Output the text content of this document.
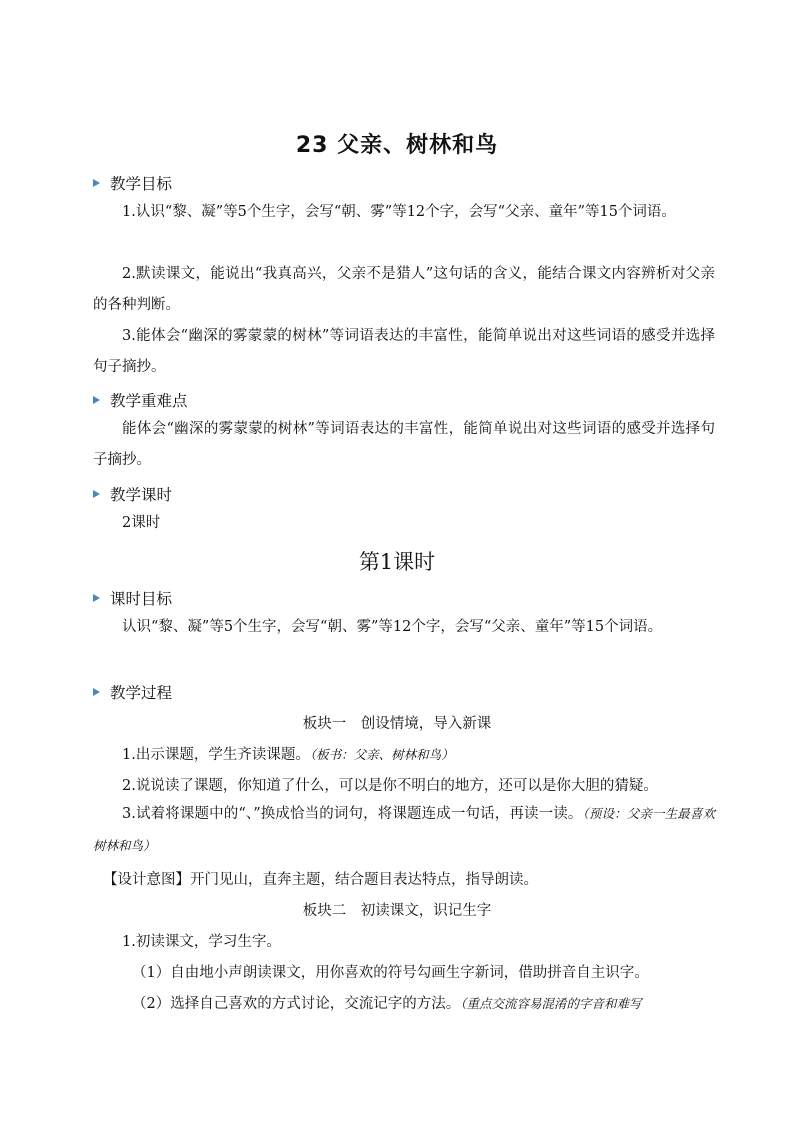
23 父亲、树林和鸟
教学目标
1.认识“黎、凝”等5个生字，会写“朝、雾”等12个字，会写“父亲、童年”等15个词语。
2.默读课文，能说出“我真高兴，父亲不是猎人”这句话的含义，能结合课文内容辨析对父亲的各种判断。
3.能体会“幽深的雾蒙蒙的树林”等词语表达的丰富性，能简单说出对这些词语的感受并选择句子摘抄。
教学重难点
能体会“幽深的雾蒙蒙的树林”等词语表达的丰富性，能简单说出对这些词语的感受并选择句子摘抄。
教学课时
2课时
第1课时
课时目标
认识“黎、凝”等5个生字，会写“朝、雾”等12个字，会写“父亲、童年”等15个词语。
教学过程
板块一　创设情境，导入新课
1.出示课题，学生齐读课题。（板书：父亲、树林和鸟）
2.说说读了课题，你知道了什么，可以是你不明白的地方，还可以是你大胆的猜疑。
3.试着将课题中的“、”换成恰当的词句，将课题连成一句话，再读一读。（预设：父亲一生最喜欢树林和鸟）
【设计意图】开门见山，直奔主题，结合题目表达特点，指导朗读。
板块二　初读课文，识记生字
1.初读课文，学习生字。
（1）自由地小声朗读课文，用你喜欢的符号勾画生字新词，借助拼音自主识字。
（2）选择自己喜欢的方式讨论，交流记字的方法。（重点交流容易混淆的字音和难写
